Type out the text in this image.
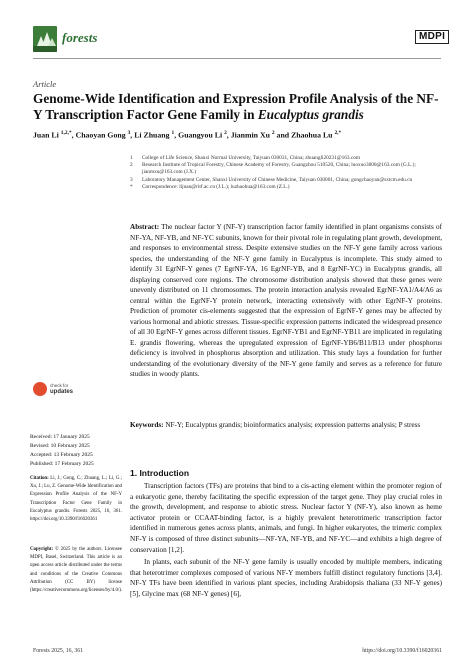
forests	MDPI
Article
Genome-Wide Identification and Expression Profile Analysis of the NF-Y Transcription Factor Gene Family in Eucalyptus grandis
Juan Li $^{1,2,*}$, Chaoyan Gong $^3$, Li Zhuang $^1$, Guangyou Li $^2$, Jianmin Xu $^2$ and Zhaohua Lu $^{2,*}$
1 College of Life Science, Shanxi Normal University, Taiyuan 030031, China; zhuangli20231@163.com
2 Research Institute of Tropical Forestry, Chinese Academy of Forestry, Guangzhou 510520, China; luoxuo3000@163.com (G.L.); jianmxu@163.com (J.X.)
3 Laboratory Management Center, Shanxi University of Chinese Medicine, Taiyuan 030001, China; gongchaoyan@sxtcm.edu.cn
* Correspondence: lijuan@ritf.ac.cn (J.L.); luzhaohua@163.com (Z.L.)
Abstract: The nuclear factor Y (NF-Y) transcription factor family identified in plant organisms consists of NF-YA, NF-YB, and NF-YC subunits, known for their pivotal role in regulating plant growth, development, and responses to environmental stress. Despite extensive studies on the NF-Y gene family across various species, the understanding of the NF-Y gene family in Eucalyptus is incomplete. This study aimed to identify 31 EgrNF-Y genes (7 EgrNF-YA, 16 EgrNF-YB, and 8 EgrNF-YC) in Eucalyptus grandis, all displaying conserved core regions. The chromosome distribution analysis showed that these genes were unevenly distributed on 11 chromosomes. The protein interaction analysis revealed EgrNF-YA1/A4/A6 as central within the EgrNF-Y protein network, interacting extensively with other EgrNF-Y proteins. Prediction of promoter cis-elements suggested that the expression of EgrNF-Y genes may be affected by various hormonal and abiotic stresses. Tissue-specific expression patterns indicated the widespread presence of all 30 EgrNF-Y genes across different tissues. EgrNF-YB1 and EgrNF-YB11 are implicated in regulating E. grandis flowering, whereas the upregulated expression of EgrNF-YB6/B11/B13 under phosphorus deficiency is involved in phosphorus absorption and utilization. This study lays a foundation for further understanding of the evolutionary diversity of the NF-Y gene family and serves as a reference for future studies in woody plants.
Keywords: NF-Y; Eucalyptus grandis; bioinformatics analysis; expression patterns analysis; P stress
check for
updates
Received: 17 January 2025
Revised: 10 February 2025
Accepted: 13 February 2025
Published: 17 February 2025
Citation: Li, J.; Gong, C.; Zhuang, L.; Li, G.; Xu, J.; Lu, Z. Genome-Wide Identification and Expression Profile Analysis of the NF-Y Transcription Factor Gene Family in Eucalyptus grandis. Forests 2025, 16, 361. https://doi.org/10.3390/f16020361
Copyright: © 2025 by the authors. Licensee MDPI, Basel, Switzerland. This article is an open access article distributed under the terms and conditions of the Creative Commons Attribution (CC BY) license (https://creativecommons.org/licenses/by/4.0/).
1. Introduction

Transcription factors (TFs) are proteins that bind to a cis-acting element within the promoter region of a eukaryotic gene, thereby facilitating the specific expression of the target gene. They play crucial roles in the growth, development, and response to abiotic stress. Nuclear factor Y (NF-Y), also known as heme activator protein or CCAAT-binding factor, is a highly prevalent heterotrimeric transcription factor identified in numerous genes across plants, animals, and fungi. In higher eukaryotes, the trimeric complex NF-Y is composed of three distinct subunits—NF-YA, NF-YB, and NF-YC—and exhibits a high degree of conservation [1,2].

In plants, each subunit of the NF-Y gene family is usually encoded by multiple members, indicating that heterotrimer complexes composed of various NF-Y members fulfill distinct regulatory functions [3,4]. NF-Y TFs have been identified in various plant species, including Arabidopsis thaliana (33 NF-Y genes) [5], Glycine max (68 NF-Y genes) [6],

Forests 2025, 16, 361	https://doi.org/10.3390/f16020361
